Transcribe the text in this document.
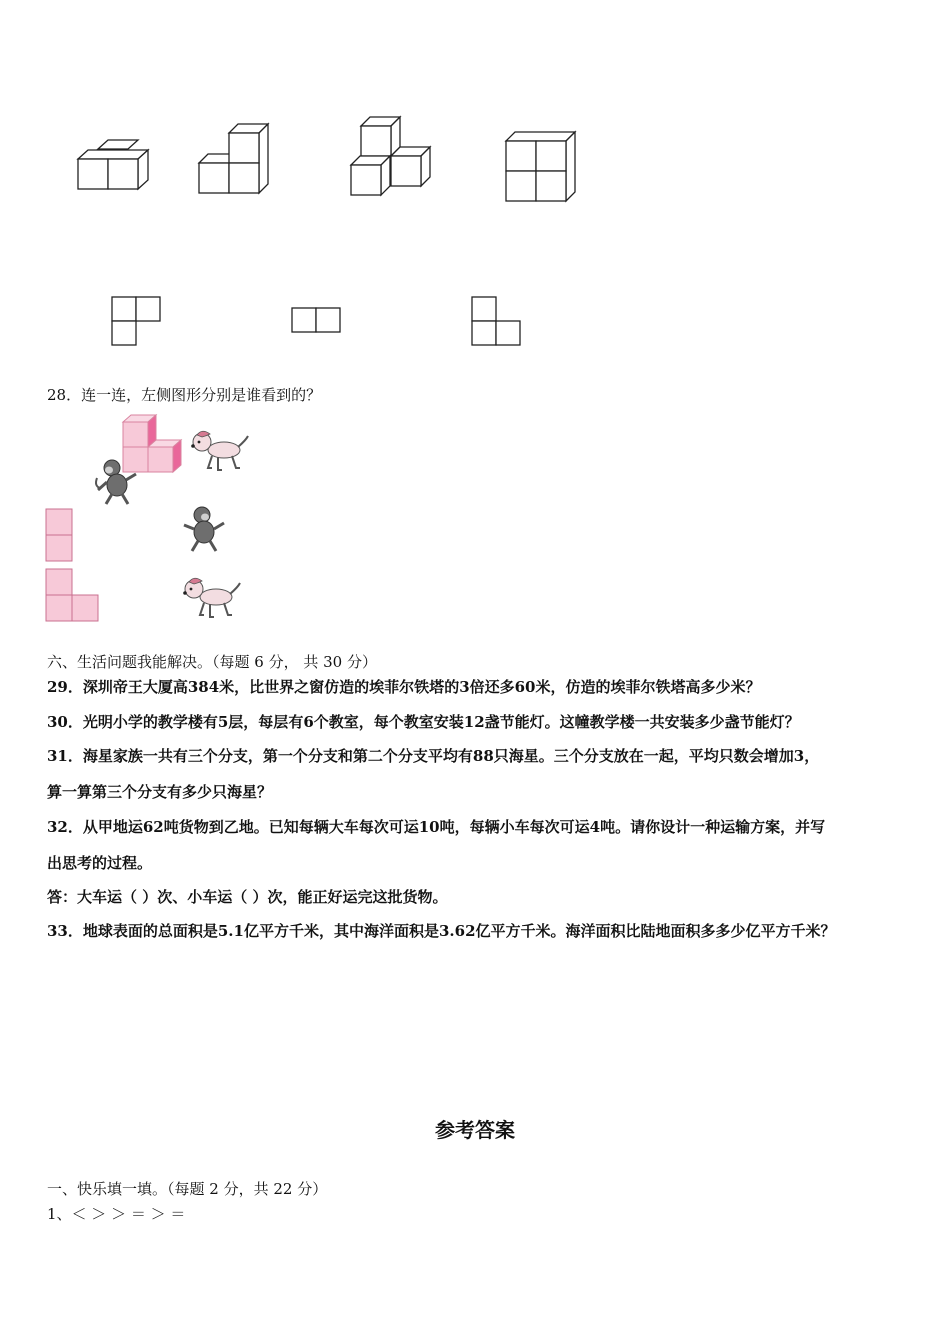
28．连一连，左侧图形分别是谁看到的？
六、生活问题我能解决。（每题 6 分， 共 30 分）
29．深圳帝王大厦高384米，比世界之窗仿造的埃菲尔铁塔的3倍还多60米，仿造的埃菲尔铁塔高多少米？
30．光明小学的教学楼有5层，每层有6个教室，每个教室安装12盏节能灯。这幢教学楼一共安装多少盏节能灯？
31．海星家族一共有三个分支，第一个分支和第二个分支平均有88只海星。三个分支放在一起，平均只数会增加3，
算一算第三个分支有多少只海星？
32．从甲地运62吨货物到乙地。已知每辆大车每次可运10吨，每辆小车每次可运4吨。请你设计一种运输方案，并写
出思考的过程。
答：大车运（ ）次、小车运（ ）次，能正好运完这批货物。
33．地球表面的总面积是5.1亿平方千米，其中海洋面积是3.62亿平方千米。海洋面积比陆地面积多多少亿平方千米？
参考答案
一、快乐填一填。（每题 2 分，共 22 分）
1、＜ ＞ ＞ ＝ ＞ ＝
